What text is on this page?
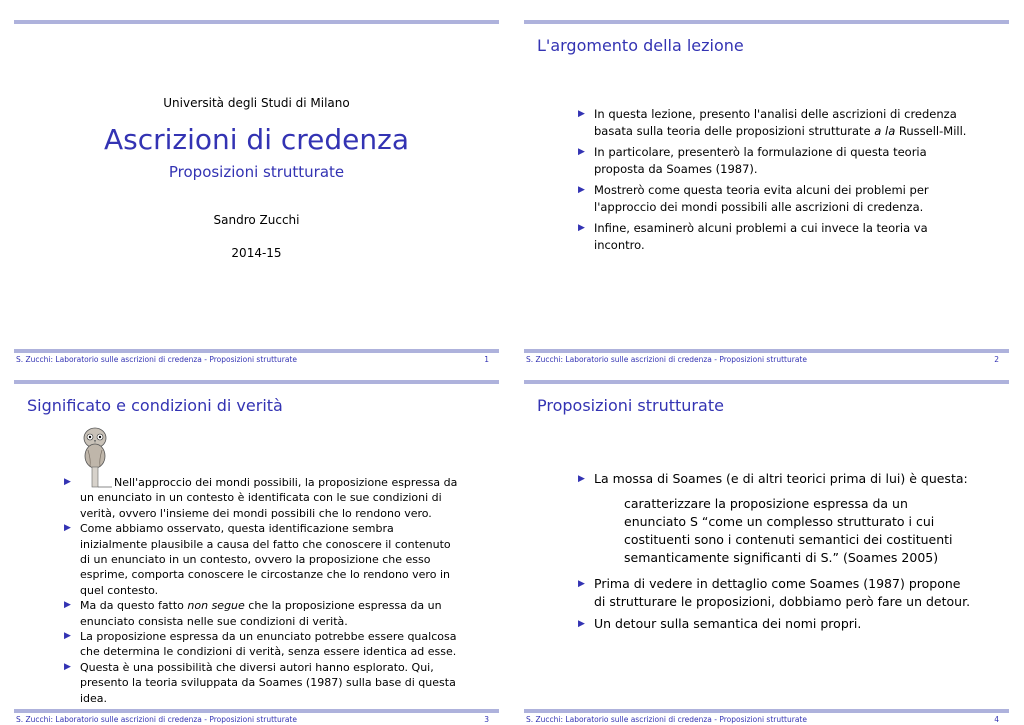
Università degli Studi di Milano
Ascrizioni di credenza
Proposizioni strutturate
Sandro Zucchi
2014-15
S. Zucchi: Laboratorio sulle ascrizioni di credenza - Proposizioni strutturate	1
L'argomento della lezione
▶ In questa lezione, presento l'analisi delle ascrizioni di credenza basata sulla teoria delle proposizioni strutturate a la Russell-Mill.
▶ In particolare, presenterò la formulazione di questa teoria proposta da Soames (1987).
▶ Mostrerò come questa teoria evita alcuni dei problemi per l'approccio dei mondi possibili alle ascrizioni di credenza.
▶ Infine, esaminerò alcuni problemi a cui invece la teoria va incontro.
S. Zucchi: Laboratorio sulle ascrizioni di credenza - Proposizioni strutturate	2
Significato e condizioni di verità
▶	Nell'approccio dei mondi possibili, la proposizione espressa da un enunciato in un contesto è identificata con le sue condizioni di verità, ovvero l'insieme dei mondi possibili che lo rendono vero.
▶ Come abbiamo osservato, questa identificazione sembra inizialmente plausibile a causa del fatto che conoscere il contenuto di un enunciato in un contesto, ovvero la proposizione che esso esprime, comporta conoscere le circostanze che lo rendono vero in quel contesto.
▶ Ma da questo fatto non segue che la proposizione espressa da un enunciato consista nelle sue condizioni di verità.
▶ La proposizione espressa da un enunciato potrebbe essere qualcosa che determina le condizioni di verità, senza essere identica ad esse.
▶ Questa è una possibilità che diversi autori hanno esplorato. Qui, presento la teoria sviluppata da Soames (1987) sulla base di questa idea.
S. Zucchi: Laboratorio sulle ascrizioni di credenza - Proposizioni strutturate	3
Proposizioni strutturate
▶ La mossa di Soames (e di altri teorici prima di lui) è questa:
caratterizzare la proposizione espressa da un enunciato S “come un complesso strutturato i cui costituenti sono i contenuti semantici dei costituenti semanticamente significanti di S.” (Soames 2005)
▶ Prima di vedere in dettaglio come Soames (1987) propone di strutturare le proposizioni, dobbiamo però fare un detour.
▶ Un detour sulla semantica dei nomi propri.
S. Zucchi: Laboratorio sulle ascrizioni di credenza - Proposizioni strutturate	4
